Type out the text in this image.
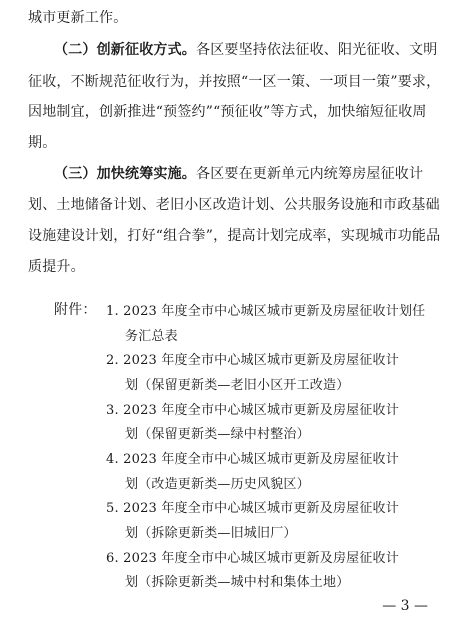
城市更新工作。
（二）创新征收方式。各区要坚持依法征收、阳光征收、文明
征收，不断规范征收行为，并按照“一区一策、一项目一策”要求，
因地制宜，创新推进“预签约”“预征收”等方式，加快缩短征收周
期。
（三）加快统筹实施。各区要在更新单元内统筹房屋征收计
划、土地储备计划、老旧小区改造计划、公共服务设施和市政基础
设施建设计划，打好“组合拳”，提高计划完成率，实现城市功能品
质提升。
附件： 1. 2023 年度全市中心城区城市更新及房屋征收计划任
务汇总表
2. 2023 年度全市中心城区城市更新及房屋征收计
划（保留更新类—老旧小区开工改造）
3. 2023 年度全市中心城区城市更新及房屋征收计
划（保留更新类—绿中村整治）
4. 2023 年度全市中心城区城市更新及房屋征收计
划（改造更新类—历史风貌区）
5. 2023 年度全市中心城区城市更新及房屋征收计
划（拆除更新类—旧城旧厂）
6. 2023 年度全市中心城区城市更新及房屋征收计
— 3 —
划（拆除更新类—城中村和集体土地）
